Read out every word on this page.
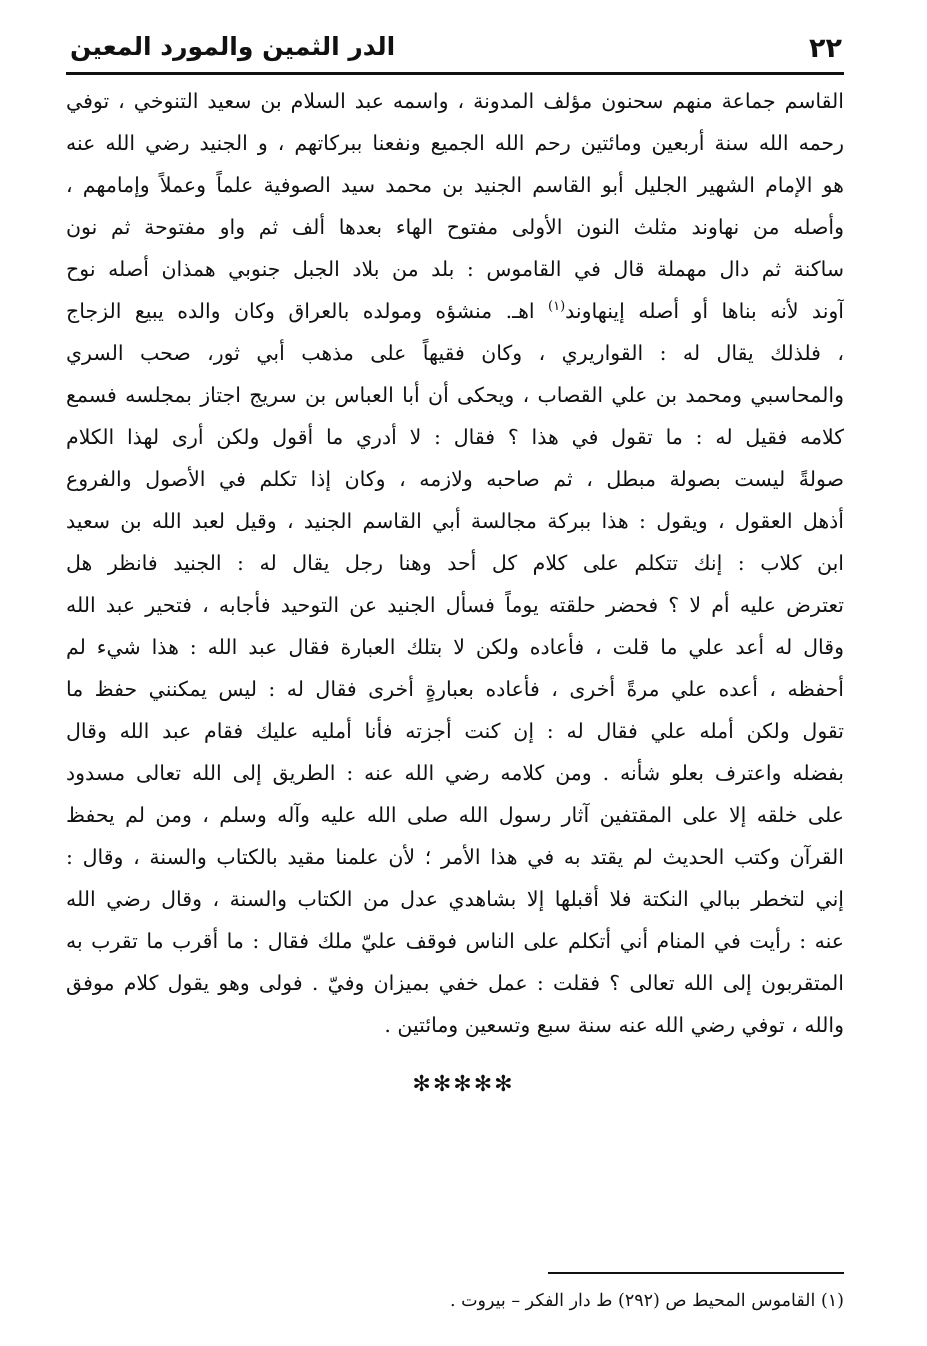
٢٢
الدر الثمين والمورد المعين
القاسم جماعة منهم سحنون مؤلف المدونة ، واسمه عبد السلام بن سعيد التنوخي ، توفي
رحمه الله سنة أربعين ومائتين رحم الله الجميع ونفعنا ببركاتهم ، و الجنيد رضي الله عنه
هو الإمام الشهير الجليل أبو القاسم الجنيد بن محمد سيد الصوفية علماً وعملاً وإمامهم ،
وأصله من نهاوند مثلث النون الأولى مفتوح الهاء بعدها ألف ثم واو مفتوحة ثم نون
ساكنة ثم دال مهملة قال في القاموس : بلد من بلاد الجبل جنوبي همذان أصله نوح
آوند لأنه بناها أو أصله إينهاوند$^{(١)}$ اهـ. منشؤه ومولده بالعراق وكان والده يبيع الزجاج
، فلذلك يقال له : القواريري ، وكان فقيهاً على مذهب أبي ثور، صحب السري
والمحاسبي ومحمد بن علي القصاب ، ويحكى أن أبا العباس بن سريج اجتاز بمجلسه فسمع
كلامه فقيل له : ما تقول في هذا ؟ فقال : لا أدري ما أقول ولكن أرى لهذا الكلام
صولةً ليست بصولة مبطل ، ثم صاحبه ولازمه ، وكان إذا تكلم في الأصول والفروع
أذهل العقول ، ويقول : هذا ببركة مجالسة أبي القاسم الجنيد ، وقيل لعبد الله بن سعيد
ابن كلاب : إنك تتكلم على كلام كل أحد وهنا رجل يقال له : الجنيد فانظر هل
تعترض عليه أم لا ؟ فحضر حلقته يوماً فسأل الجنيد عن التوحيد فأجابه ، فتحير عبد الله
وقال له أعد علي ما قلت ، فأعاده ولكن لا بتلك العبارة فقال عبد الله : هذا شيء لم
أحفظه ، أعده علي مرةً أخرى ، فأعاده بعبارةٍ أخرى فقال له : ليس يمكنني حفظ ما
تقول ولكن أمله علي فقال له : إن كنت أجزته فأنا أمليه عليك فقام عبد الله وقال
بفضله واعترف بعلو شأنه . ومن كلامه رضي الله عنه : الطريق إلى الله تعالى مسدود
على خلقه إلا على المقتفين آثار رسول الله صلى الله عليه وآله وسلم ، ومن لم يحفظ
القرآن وكتب الحديث لم يقتد به في هذا الأمر ؛ لأن علمنا مقيد بالكتاب والسنة ، وقال :
إني لتخطر ببالي النكتة فلا أقبلها إلا بشاهدي عدل من الكتاب والسنة ، وقال رضي الله
عنه : رأيت في المنام أني أتكلم على الناس فوقف عليّ ملك فقال : ما أقرب ما تقرب به
المتقربون إلى الله تعالى ؟ فقلت : عمل خفي بميزان وفيّ . فولى وهو يقول كلام موفق
والله ، توفي رضي الله عنه سنة سبع وتسعين ومائتين .
✻✻✻✻✻
(١) القاموس المحيط ص (٢٩٢) ط دار الفكر – بيروت .
